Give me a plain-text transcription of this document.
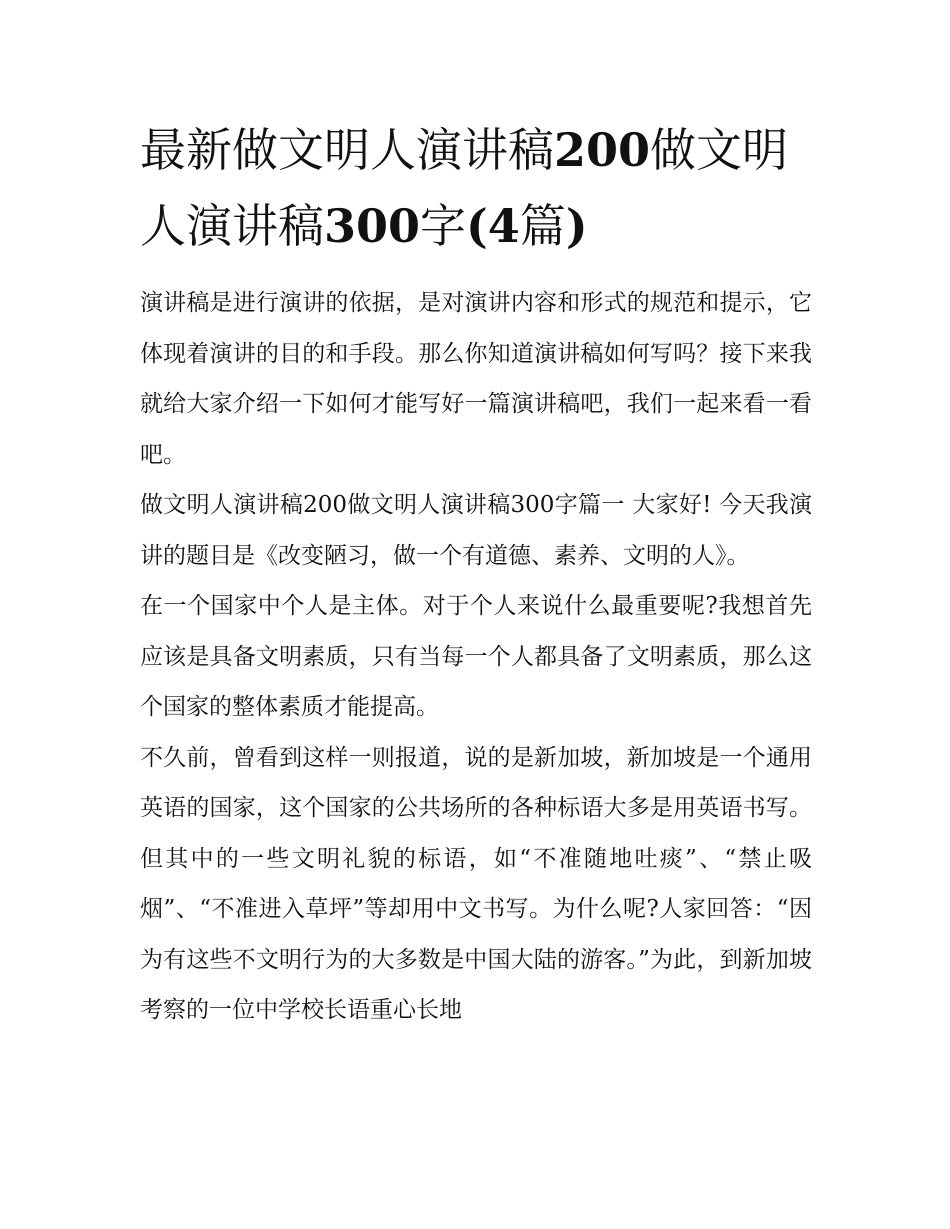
最新做文明人演讲稿200做文明人演讲稿300字(4篇)

演讲稿是进行演讲的依据，是对演讲内容和形式的规范和提示，它体现着演讲的目的和手段。那么你知道演讲稿如何写吗？接下来我就给大家介绍一下如何才能写好一篇演讲稿吧，我们一起来看一看吧。

做文明人演讲稿200做文明人演讲稿300字篇一 大家好! 今天我演讲的题目是《改变陋习，做一个有道德、素养、文明的人》。

在一个国家中个人是主体。对于个人来说什么最重要呢?我想首先应该是具备文明素质，只有当每一个人都具备了文明素质，那么这个国家的整体素质才能提高。

不久前，曾看到这样一则报道，说的是新加坡，新加坡是一个通用英语的国家，这个国家的公共场所的各种标语大多是用英语书写。但其中的一些文明礼貌的标语，如“不准随地吐痰”、“禁止吸烟”、“不准进入草坪”等却用中文书写。为什么呢?人家回答：“因为有这些不文明行为的大多数是中国大陆的游客。”为此，到新加坡考察的一位中学校长语重心长地
